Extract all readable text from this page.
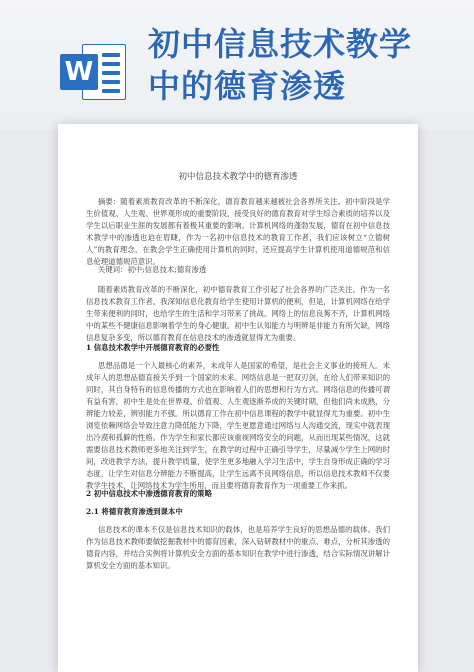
W
初中信息技术教学
中的德育渗透
初中信息技术教学中的德育渗透
摘要：随着素质教育改革的不断深化，德育教育越来越被社会各界所关注。初中阶段是学生价值观、人生观、世界观形成的重要阶段，接受良好的德育教育对学生综合素质的培养以及学生以后职业生涯的发展都有着极其重要的影响。计算机网络的蓬勃发展，德育在初中信息技术教学中的渗透也迫在眉睫，作为一名初中信息技术的教育工作者，我们应该树立“立德树人”的教育理念，在教会学生正确使用计算机的同时，还应提高学生计算机使用道德规范和信息伦理道德规范意识。
关键词：初中;信息技术;德育渗透
随着素质教育改革的不断深化，初中德育教育工作引起了社会各界的广泛关注。作为一名信息技术教育工作者，我深知信息化教育给学生使用计算机的便利，但是，计算机网络在给学生带来便利的同时，也给学生的生活和学习带来了挑战。网络上的信息良莠不齐，计算机网络中的某些不健康信息影响着学生的身心健康。初中生认知能力与明辨是非能力有所欠缺，网络信息复杂多变，所以德育教育在信息技术的渗透就显得尤为重要。
1 信息技术教学中开展德育教育的必要性
思想品德是一个人最核心的素养，未成年人是国家的希望，是社会主义事业的接班人。未成年人的思想品德直接关乎到一个国家的未来。网络信息是一把双刃剑，在给人们带来知识的同时，其自身特有的信息传播的方式也在影响着人们的思想和行为方式。网络信息的传播可谓有益有害，初中生是处在世界观、价值观、人生观逐渐养成的关键时期，但他们尚未成熟，分辨能力较差，辨别能力不强。所以德育工作在初中信息课程的教学中就显得尤为重要。初中生浏览依赖网络会导致注意力降低能力下降，学生更愿意通过网络与人沟通交流，现实中就表现出冷漠和孤僻的性格。作为学生和家长都应该重视网络安全的问题，从而出现某些情况，这就需要信息技术教师更多地关注到学生，在教学的过程中正确引导学生，尽量减少学生上网的时间，改进教学方法，提升教学质量，使学生更多地融入学习生活中，学生自身形成正确的学习态度，让学生对信息分辨能力不断提高，让学生远离不良网络信息，所以信息技术教师不仅要教学生技术，让网络技术为学生所用，而且要将德育教育作为一项重要工作来抓。
2 初中信息技术中渗透德育教育的策略
2.1 将德育教育渗透到课本中
信息技术的课本不仅是信息技术知识的载体，也是培养学生良好的思想品德的载体。我们作为信息技术教师要做挖掘教材中的德育因素，深入钻研教材中的重点、难点，分析其渗透的德育内容，并结合实例将计算机安全方面的基本知识在教学中进行渗透，结合实际情况讲解计算机安全方面的基本知识。
